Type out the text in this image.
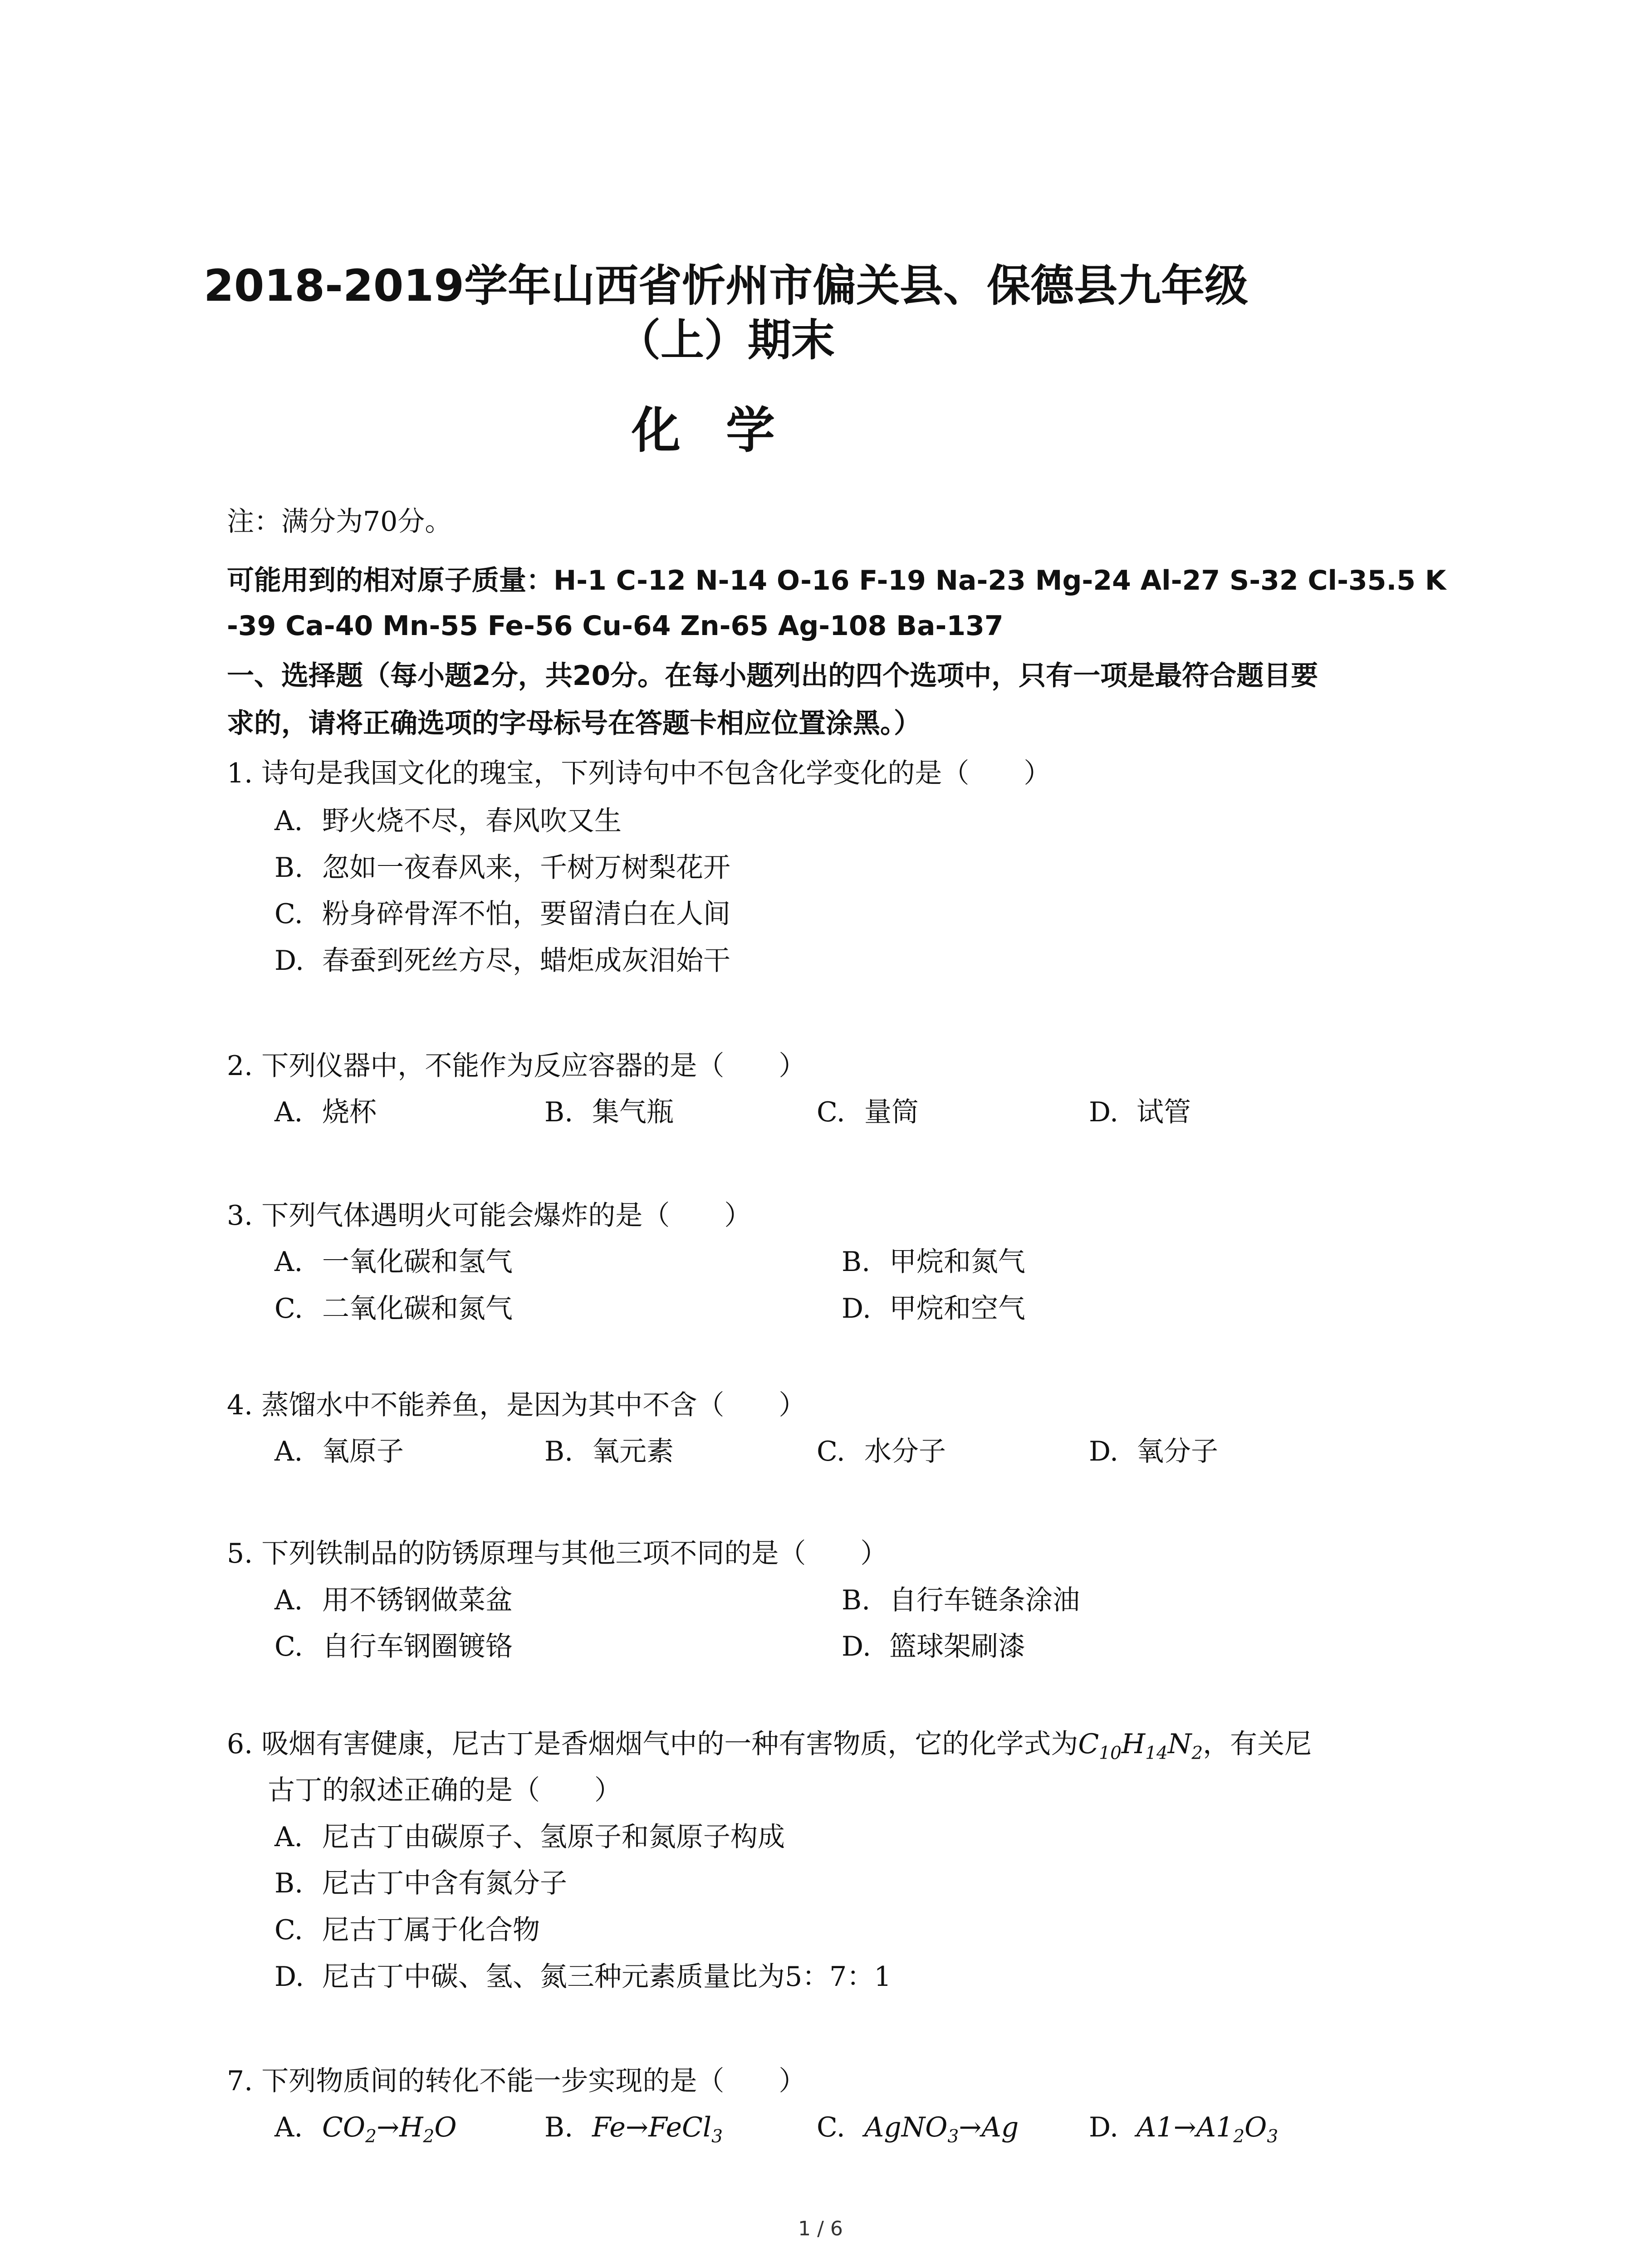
2018-2019学年山西省忻州市偏关县、保德县九年级
（上）期末
化学
注：满分为70分。
可能用到的相对原子质量：H-1 C-12 N-14 O-16 F-19 Na-23 Mg-24 Al-27 S-32 Cl-35.5 K
-39 Ca-40 Mn-55 Fe-56 Cu-64 Zn-65 Ag-108 Ba-137
一、选择题（每小题2分，共20分。在每小题列出的四个选项中，只有一项是最符合题目要
求的，请将正确选项的字母标号在答题卡相应位置涂黑。）
1. 诗句是我国文化的瑰宝，下列诗句中不包含化学变化的是（　　）
A. 野火烧不尽，春风吹又生
B. 忽如一夜春风来，千树万树梨花开
C. 粉身碎骨浑不怕，要留清白在人间
D. 春蚕到死丝方尽，蜡炬成灰泪始干
2. 下列仪器中，不能作为反应容器的是（　　）
A. 烧杯	B. 集气瓶	C. 量筒	D. 试管
3. 下列气体遇明火可能会爆炸的是（　　）
A. 一氧化碳和氢气	B. 甲烷和氮气
C. 二氧化碳和氮气	D. 甲烷和空气
4. 蒸馏水中不能养鱼，是因为其中不含（　　）
A. 氧原子	B. 氧元素	C. 水分子	D. 氧分子
5. 下列铁制品的防锈原理与其他三项不同的是（　　）
A. 用不锈钢做菜盆	B. 自行车链条涂油
C. 自行车钢圈镀铬	D. 篮球架刷漆
6. 吸烟有害健康，尼古丁是香烟烟气中的一种有害物质，它的化学式为$C_{10}H_{14}N_2$，有关尼
古丁的叙述正确的是（　　）
A. 尼古丁由碳原子、氢原子和氮原子构成
B. 尼古丁中含有氮分子
C. 尼古丁属于化合物
D. 尼古丁中碳、氢、氮三种元素质量比为5：7：1
7. 下列物质间的转化不能一步实现的是（　　）
A. $CO_2\to H_2O$	B. Fe→FeCl$_3$	C. AgNO$_3$→Ag	D. $A1\to A1_2O_3$
1 / 6
